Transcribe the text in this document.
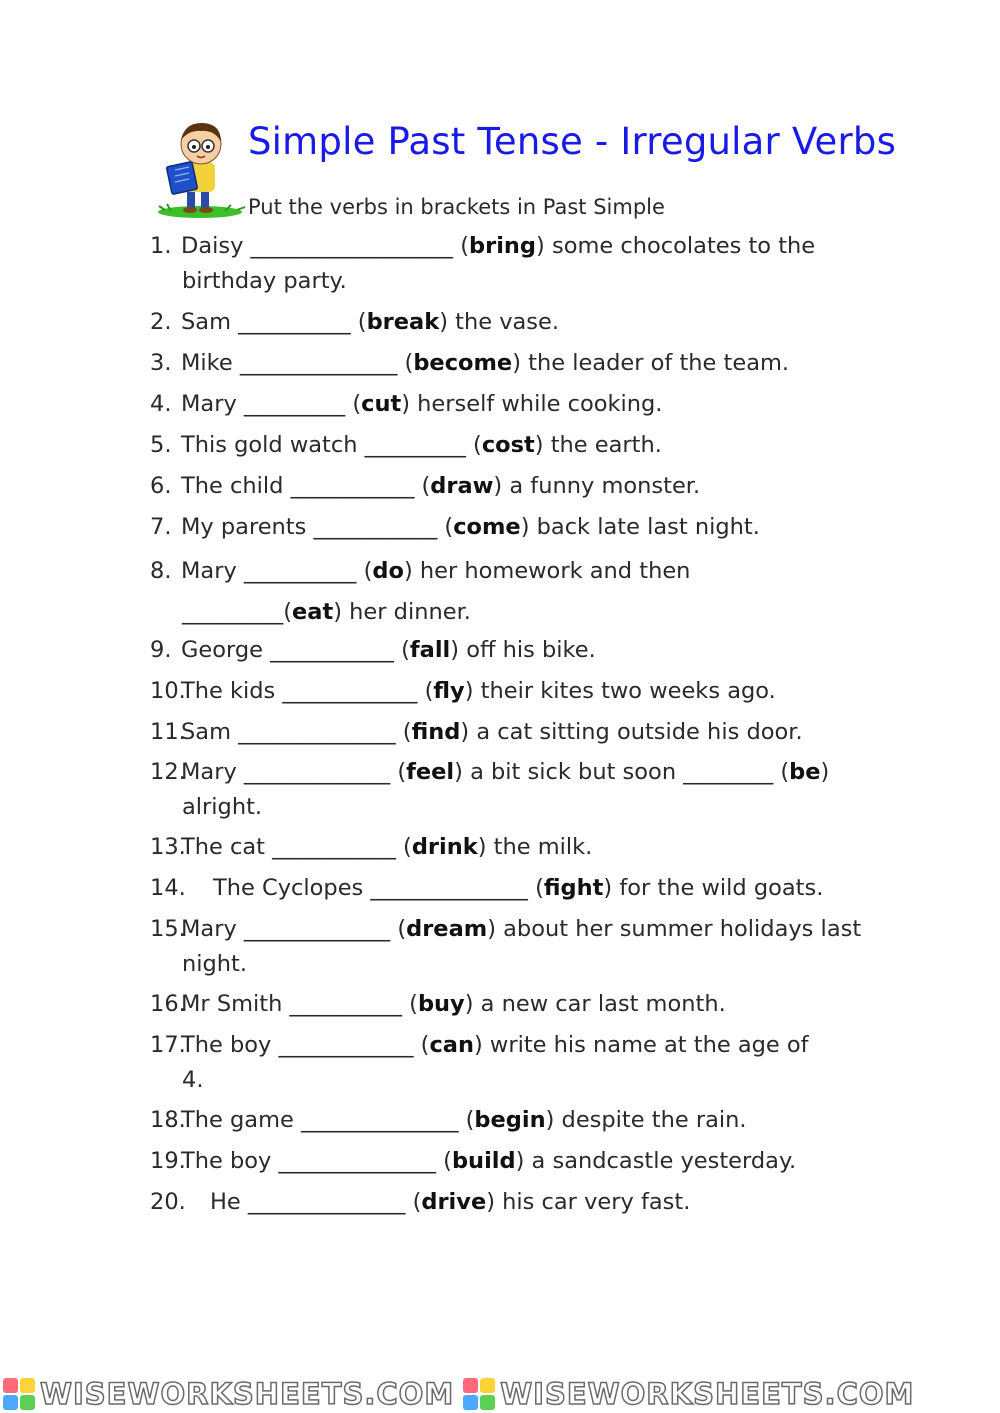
Simple Past Tense - Irregular Verbs
Put the verbs in brackets in Past Simple
1. Daisy __________________ (bring) some chocolates to the
birthday party.
2. Sam __________ (break) the vase.
3. Mike ______________ (become) the leader of the team.
4. Mary _________ (cut) herself while cooking.
5. This gold watch _________ (cost) the earth.
6. The child ___________ (draw) a funny monster.
7. My parents ___________ (come) back late last night.
8. Mary __________ (do) her homework and then
_________(eat) her dinner.
9. George ___________ (fall) off his bike.
10.The kids ____________ (fly) their kites two weeks ago.
11.Sam ______________ (find) a cat sitting outside his door.
12.Mary _____________ (feel) a bit sick but soon ________ (be)
alright.
13.The cat ___________ (drink) the milk.
14. The Cyclopes ______________ (fight) for the wild goats.
15.Mary _____________ (dream) about her summer holidays last
night.
16.Mr Smith __________ (buy) a new car last month.
17.The boy ____________ (can) write his name at the age of
4.
18.The game ______________ (begin) despite the rain.
19.The boy ______________ (build) a sandcastle yesterday.
20. He ______________ (drive) his car very fast.
WISEWORKSHEETS.COM WISEWORKSHEETS.COM
